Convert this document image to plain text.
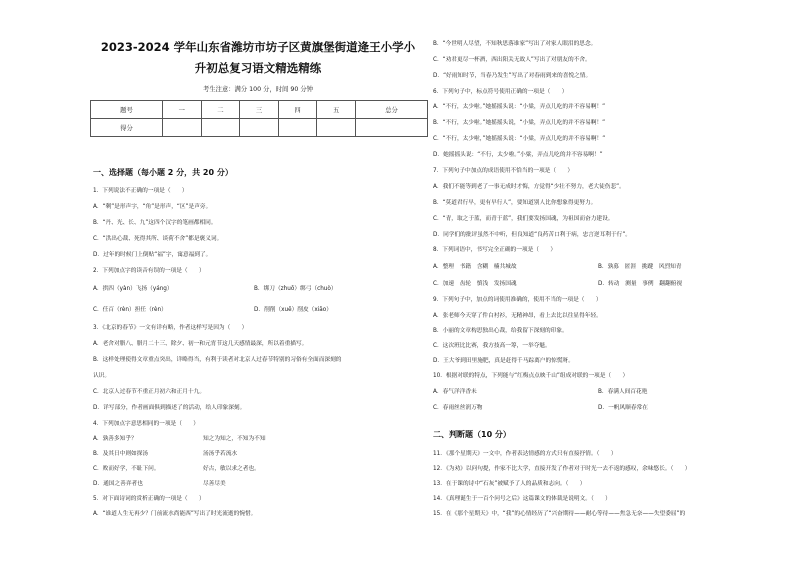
2023-2024 学年山东省潍坊市坊子区黄旗堡街道逄王小学小
升初总复习语文精选精练
考生注意：满分 100 分，时间 90 分钟
题号	一	二	三	四	五	总分
得分						
一、选择题（每小题 2 分，共 20 分）
1．下列说法不正确的一项是（　　）
A．“剩”是形声字，“角”是形声，“区”是声旁。
B．“丹、光、长、九”这四个汉字的笔画都相同。
C．“洪出心裁、死得其所、谈荷不舍”都是褒义词。
D．过年的时候门上倒贴“福”字，寓意福到了。
2．下列加点字的读音有误的一项是（　　）
A．拱四（yàn）飞扬（yáng）	B．绑刀（zhuō）绑弓（chuò）
C．任百（rèn）担任（rèn）	D．削削（xuē）削皮（xiāo）
3．《北京的春节》一文有详有略，作者这样写是因为（　　）
A．老舍对腊八、腊月二十三、除夕、初一和元宵节这几天感情最深，所以着重描写。
B．这样处理使得文章重点突出，详略得当，有利于读者对北京人过春节特别的习俗有全面而深刻的
认识。
C．北京人过春节不重正月初六和正月十九。
D．详写部分，作者画面俱到描述了的活动，给人印象深刻。
4．下列加点字意思相同的一项是（　　）
A．孰善多知乎？	知之为知之，不知为不知
B．及其日中则如探汤	汤汤乎若流水
C．败而好学，不耻下问。	好古，敏以求之者也。
D．通国之善弈者也	尽善尽美
5．对下面诗词的赏析正确的一项是（　　）
A．“谁道人生无再少？门前流水尚能西”写出了时光流逝的惋惜。
B．“今世明人尽望，不知秋思落谁家”写出了对家人眼泪的思念。
C．“劝君更尽一杯酒，西出阳关无故人”写出了对朋友的不舍。
D．“好雨知时节，当春乃发生”写出了对春雨到来的喜悦之情。
6．下列句子中，标点符号使用正确的一项是（　　）
A．“不行，太少啦。”她摇摇头说：“小粱，弄点儿吃的并不容易啊！”
B．“不行，太少啦。”她摇摇头说，“小粱，弄点儿吃的并不容易啊！”
C．“不行，太少啦，”她摇摇头说：“小粱，弄点儿吃的并不容易啊！”
D．她摇摇头说：“不行，太少啦。”小粱，弄点儿吃的并不容易啊！”
7．下列句子中加点的成语使用不恰当的一项是（　　）
A．我们不能等到老了一事无成时才悔，方觉得“少壮不努力，老大徒伤悲”。
B．“莫道君行早，更有早行人”，要知道别人比你想象得更努力。
C．“青，取之于蓝，而青于蓝”，我们要发扬国魂，为祖国而奋力建设。
D．同学们的批评虽然不中听，但良知道“良药苦口利于病，忠言逆耳利于行”。
8．下列词语中，书写完全正确的一项是（　　）
A．整理　书籍　含糊　楠共城故	B．孰募　匿涯　挑踺　风烈知青
C．加速　齿轮　慎浅　发扬国魂	D．转动　测量　事例　翻翻俯视
9．下列句子中，加点的词使用准确的，使用不当的一项是（　　）
A．张老师今天穿了件白衬衫，无精神昂，看上去比以往显得年轻。
B．小丽的文章构思独出心裁，给我留下深刻的印象。
C．这次班比比赛，我方技高一筹，一举夺魁。
D．王大爷到田里施肥，真是赶得千马踪离户的惊慌呀。
10．根据对联的特点，下列能与“红梅点点映千山”组成对联的一项是（　　）
A．春气洋洋香未	B．春满人间百花艳
C．春雨丝丝润万物	D．一帆风顺春常在
二、判断题（10 分）
11．《那个星期天》一文中，作者表达情感的方式只有直接抒情。（　　）
12．《为劝》以问句提，作家不比大学，直接开发了作者对于时光一去不返的感叹，余味悠长。（　　）
13．在于课的诗中“石灰”被赋予了人的品质和志向。（　　）
14．《真理诞生于一百个问号之后》这篇课文的体裁是说明文。（　　）
15．在《那个星期天》中，“我”的心情经历了“兴奋期待——耐心等待——焦急无奈——失望委屈”的
